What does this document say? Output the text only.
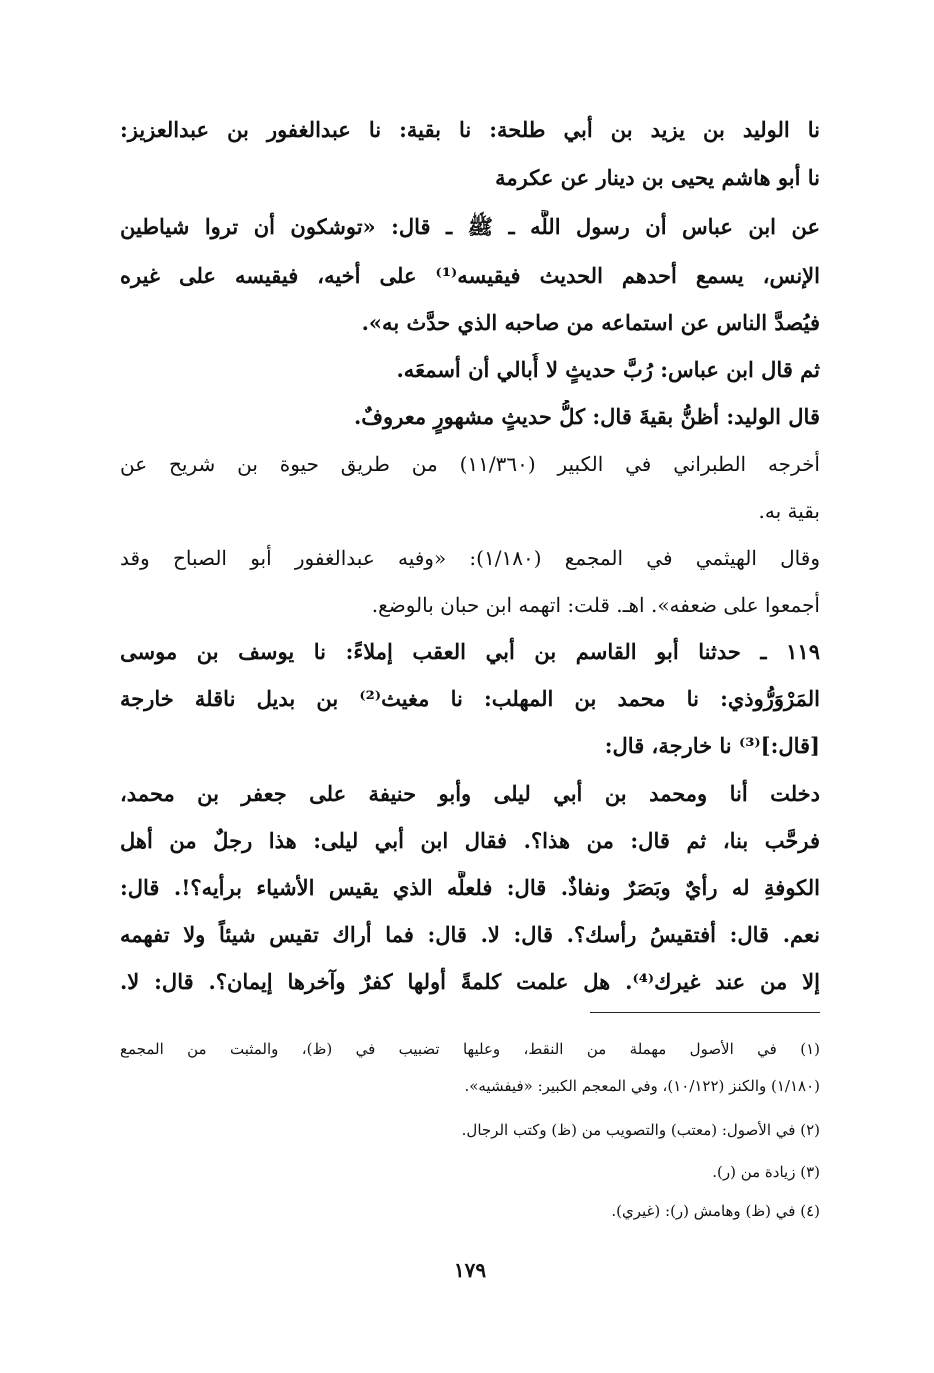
نا الوليد بن يزيد بن أبي طلحة: نا بقية: نا عبدالغفور بن عبدالعزيز:
نا أبو هاشم يحيى بن دينار عن عكرمة
عن ابن عباس أن رسول اللَّه ـ ﷺ ـ قال: «توشكون أن تروا شياطين
الإنس، يسمع أحدهم الحديث فيقيسه⁽¹⁾ على أخيه، فيقيسه على غيره
فيُصدَّ الناس عن استماعه من صاحبه الذي حدَّث به».
ثم قال ابن عباس: رُبَّ حديثٍ لا أُبالي أن أسمعَه.
قال الوليد: أظنُّ بقيةَ قال: كلُّ حديثٍ مشهورٍ معروفٌ.
أخرجه الطبراني في الكبير (١١/٣٦٠) من طريق حيوة بن شريح عن
بقية به.
وقال الهيثمي في المجمع (١/١٨٠): «وفيه عبدالغفور أبو الصباح وقد
أجمعوا على ضعفه». اهـ. قلت: اتهمه ابن حبان بالوضع.
١١٩ ـ حدثنا أبو القاسم بن أبي العقب إملاءً: نا يوسف بن موسى
المَرْوَرُّوذي: نا محمد بن المهلب: نا مغيث⁽²⁾ بن بديل ناقلة خارجة
[قال:]⁽³⁾ نا خارجة، قال:
دخلت أنا ومحمد بن أبي ليلى وأبو حنيفة على جعفر بن محمد،
فرحَّب بنا، ثم قال: من هذا؟. فقال ابن أبي ليلى: هذا رجلٌ من أهل
الكوفةِ له رأيٌ وبَصَرٌ ونفاذٌ. قال: فلعلَّه الذي يقيس الأشياء برأيه؟!. قال:
نعم. قال: أفتقيسُ رأسك؟. قال: لا. قال: فما أراك تقيس شيئاً ولا تفهمه
إلا من عند غيرك⁽⁴⁾. هل علمت كلمةً أولها كفرٌ وآخرها إيمان؟. قال: لا.
(١) في الأصول مهملة من النقط، وعليها تضبيب في (ظ)، والمثبت من المجمع
(١/١٨٠) والكنز (١٠/١٢٢)، وفي المعجم الكبير: «فيفشيه».
(٢) في الأصول: (معتب) والتصويب من (ظ) وكتب الرجال.
(٣) زيادة من (ر).
(٤) في (ظ) وهامش (ر): (غيري).
١٧٩
